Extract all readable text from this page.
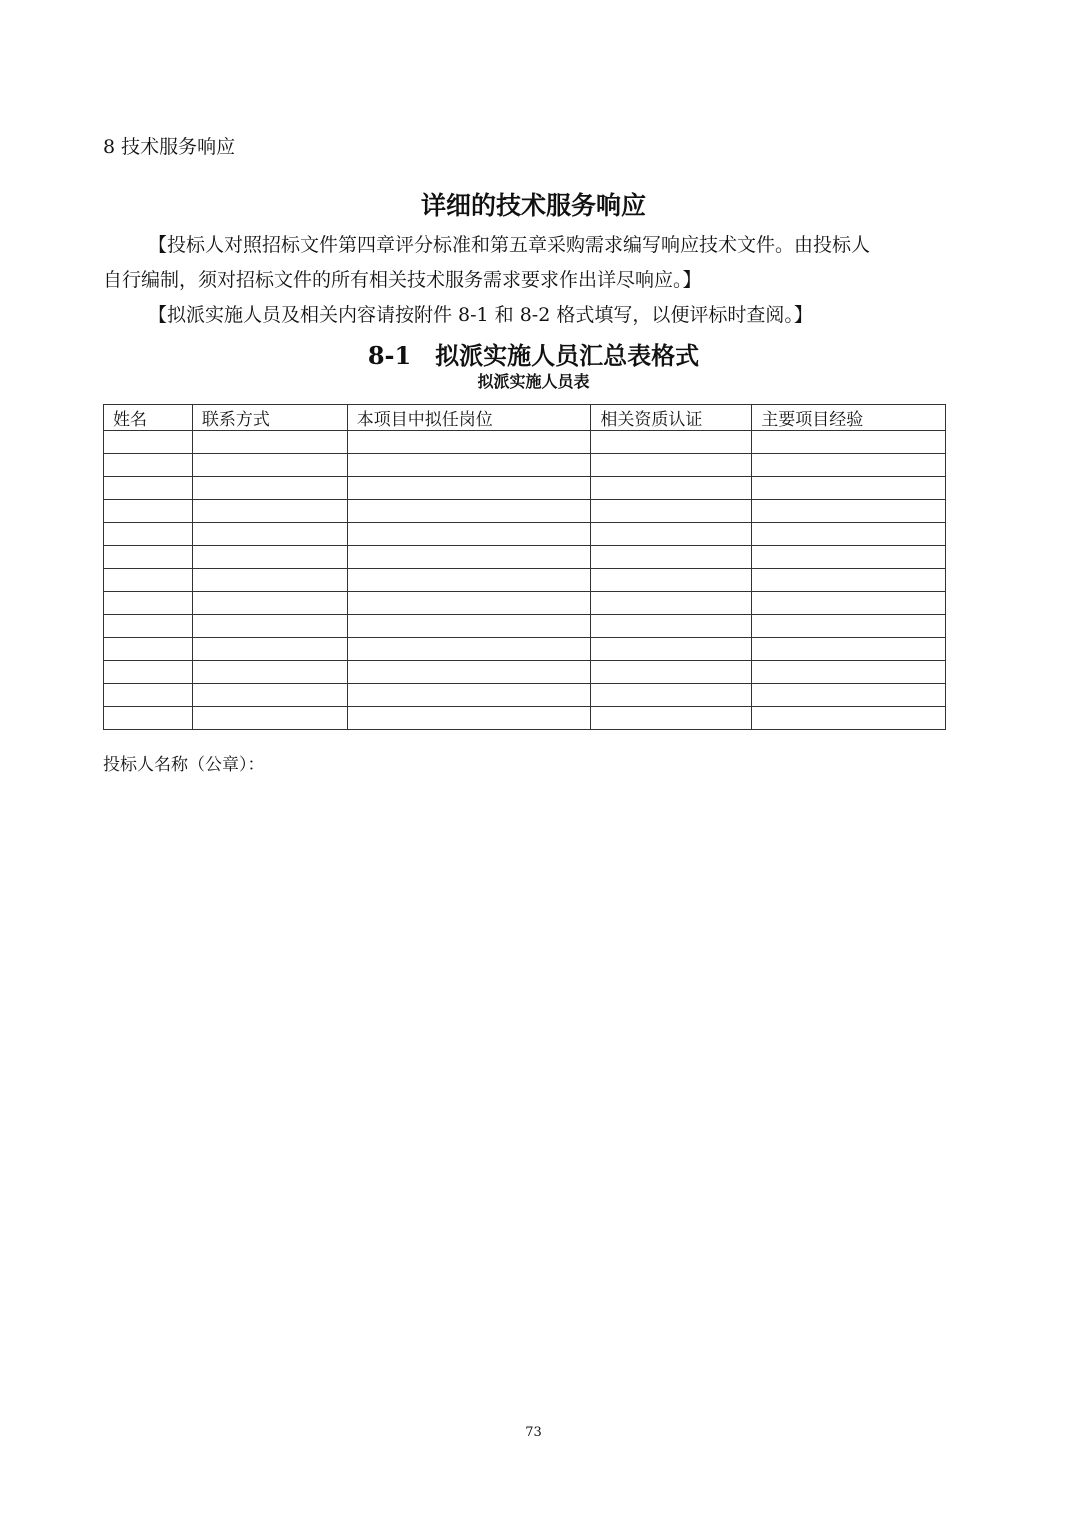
8 技术服务响应
详细的技术服务响应
【投标人对照招标文件第四章评分标准和第五章采购需求编写响应技术文件。由投标人
自行编制，须对招标文件的所有相关技术服务需求要求作出详尽响应。】
【拟派实施人员及相关内容请按附件 8-1 和 8-2 格式填写，以便评标时查阅。】
8-1　拟派实施人员汇总表格式
拟派实施人员表
姓名	联系方式	本项目中拟任岗位	相关资质认证	主要项目经验

投标人名称（公章）：
73
